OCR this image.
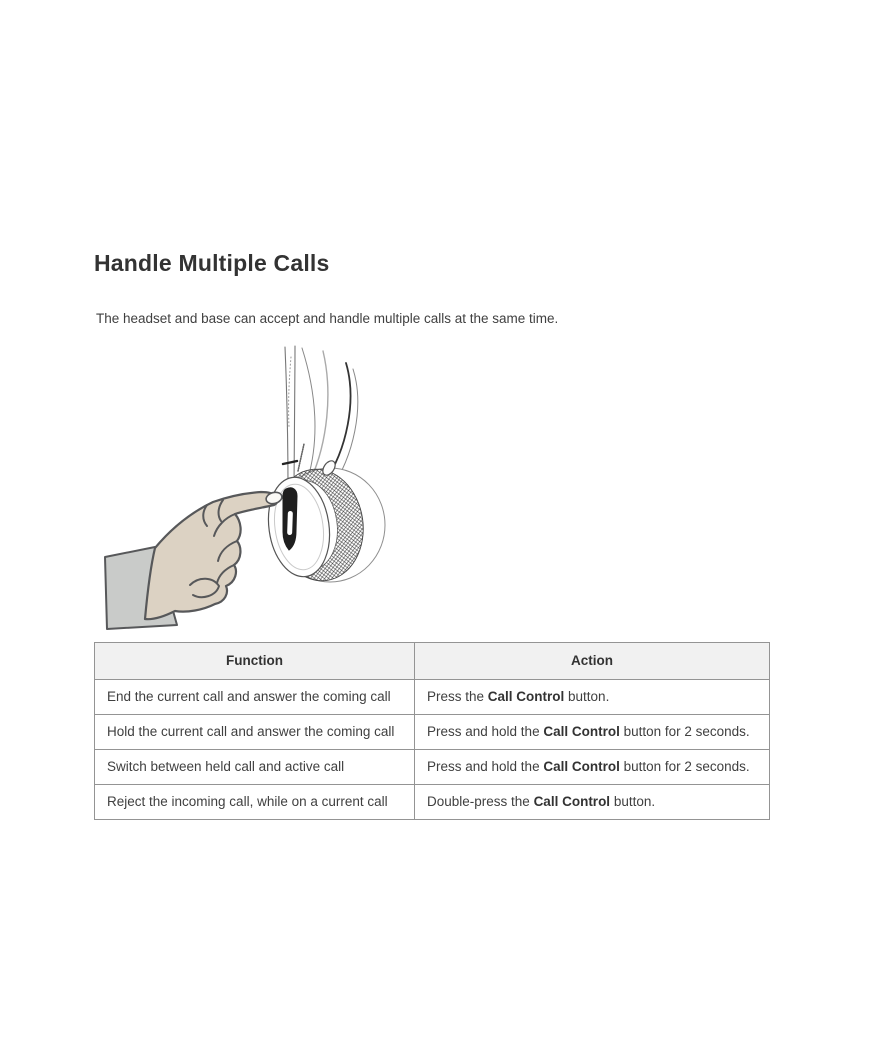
Handle Multiple Calls

The headset and base can accept and handle multiple calls at the same time.

Function	Action
End the current call and answer the coming call	Press the Call Control button.
Hold the current call and answer the coming call	Press and hold the Call Control button for 2 seconds.
Switch between held call and active call	Press and hold the Call Control button for 2 seconds.
Reject the incoming call, while on a current call	Double-press the Call Control button.
